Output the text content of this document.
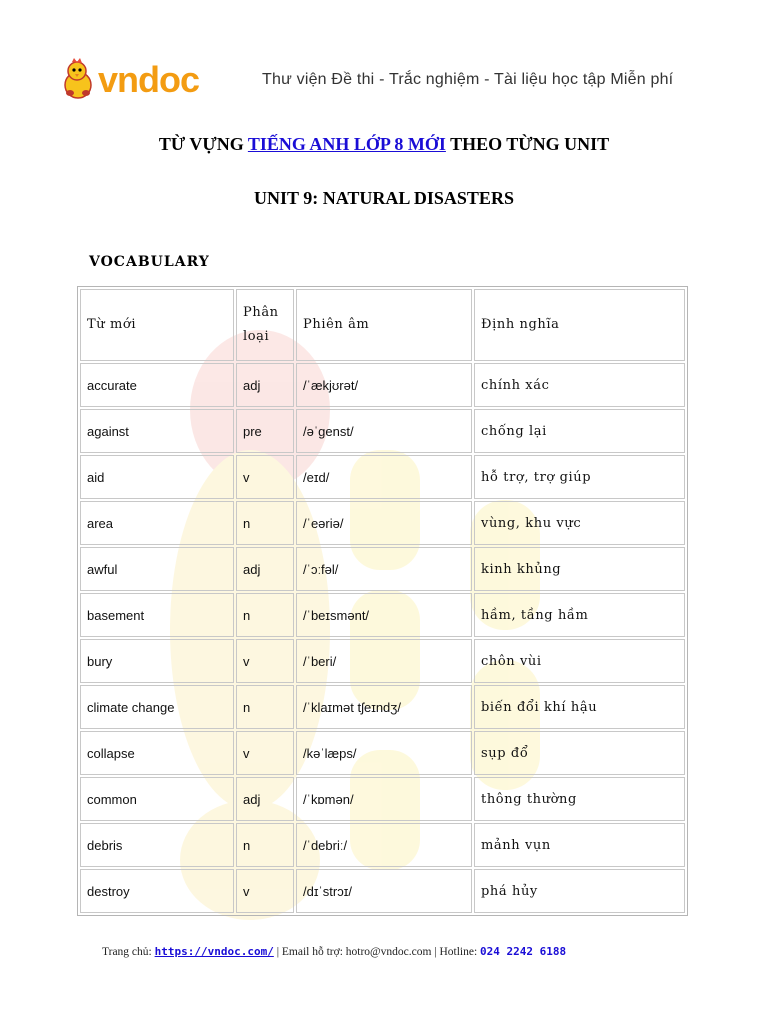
vndoc	Thư viện Đề thi - Trắc nghiệm - Tài liệu học tập Miễn phí
TỪ VỰNG TIẾNG ANH LỚP 8 MỚI THEO TỪNG UNIT
UNIT 9: NATURAL DISASTERS
VOCABULARY
Từ mới	Phân loại	Phiên âm	Định nghĩa
accurate	adj	/ˈækjʊrət/	chính xác
against	pre	/əˈgenst/	chống lại
aid	v	/eɪd/	hỗ trợ, trợ giúp
area	n	/ˈeəriə/	vùng, khu vực
awful	adj	/ˈɔːfəl/	kinh khủng
basement	n	/ˈbeɪsmənt/	hầm, tầng hầm
bury	v	/ˈberi/	chôn vùi
climate change	n	/ˈklaɪmət tʃeɪndʒ/	biến đổi khí hậu
collapse	v	/kəˈlæps/	sụp đổ
common	adj	/ˈkɒmən/	thông thường
debris	n	/ˈdebriː/	mảnh vụn
destroy	v	/dɪˈstrɔɪ/	phá hủy
Trang chủ: https://vndoc.com/ | Email hỗ trợ: hotro@vndoc.com | Hotline: 024 2242 6188
